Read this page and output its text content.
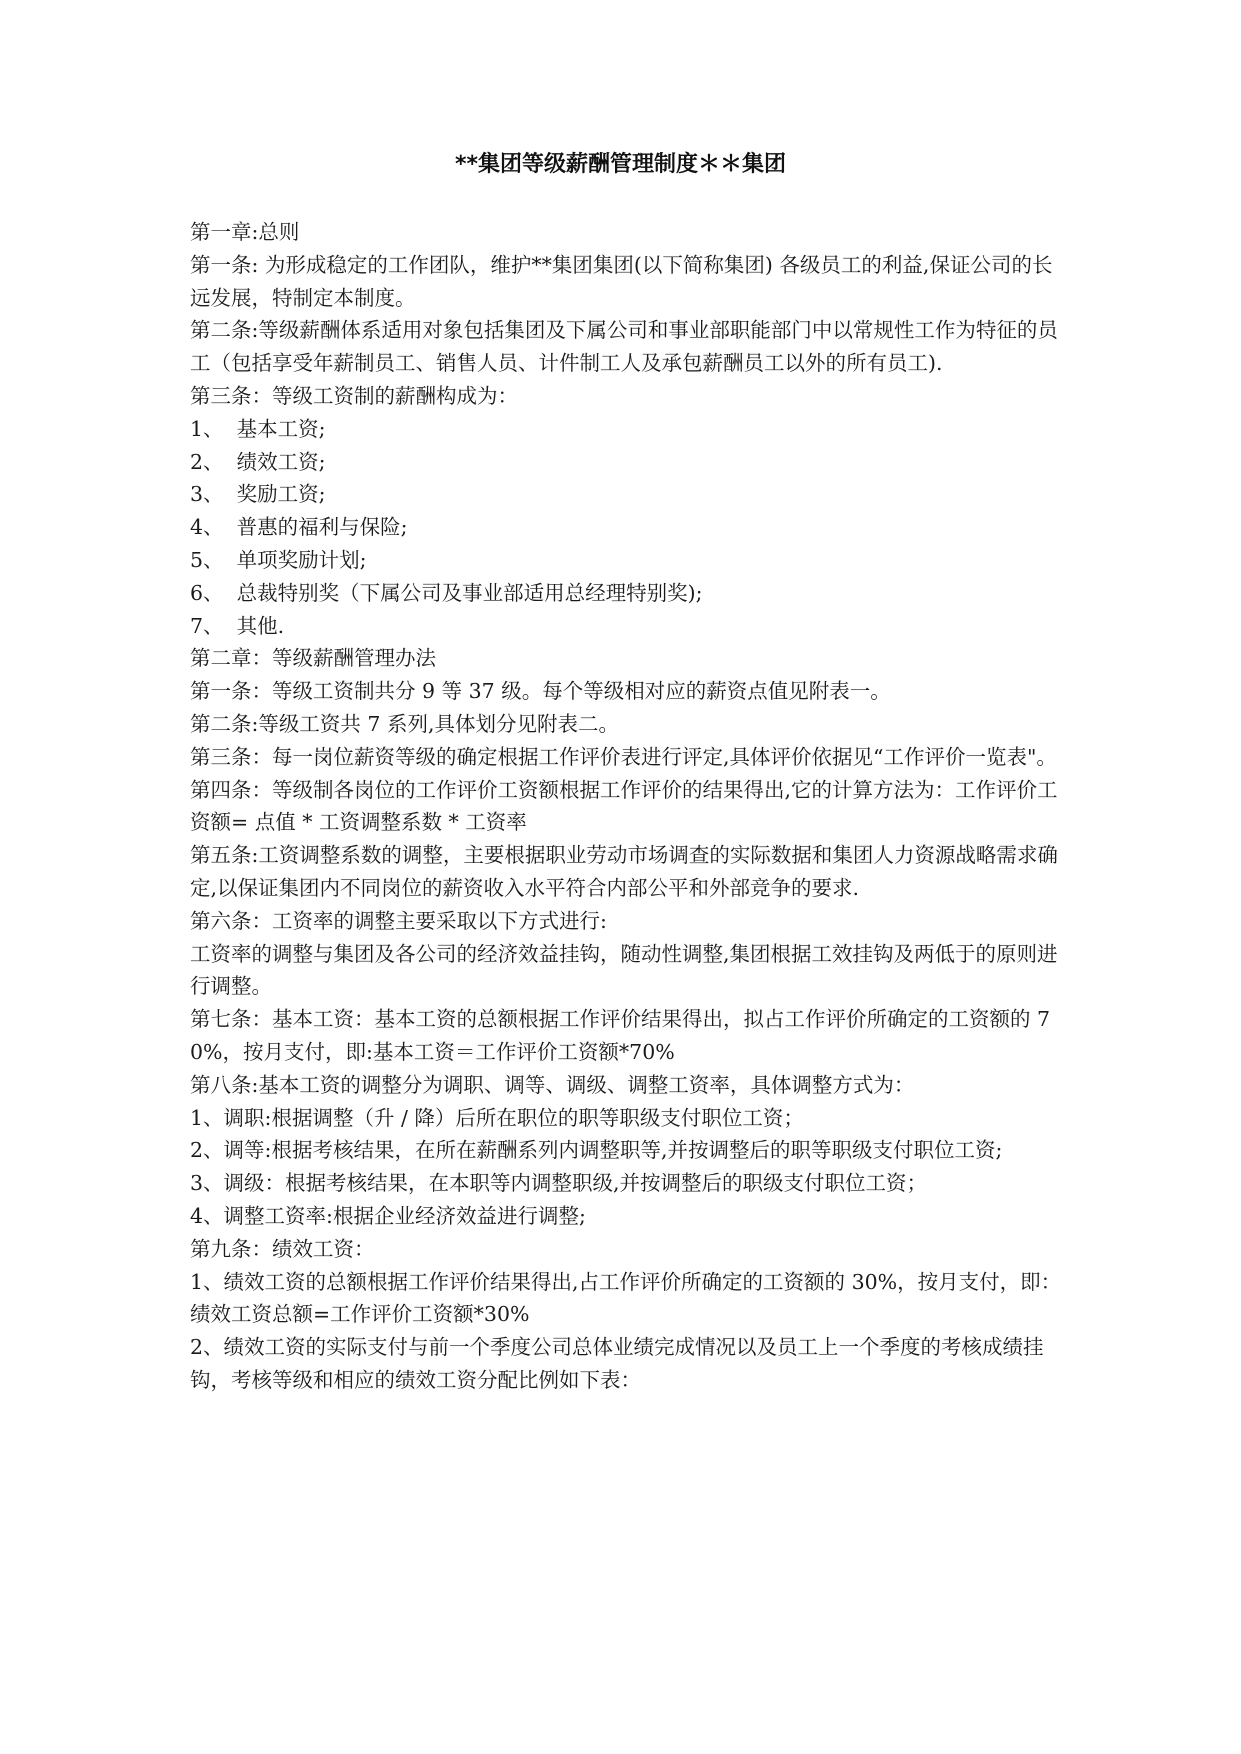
**集团等级薪酬管理制度＊＊集团

第一章:总则

第一条: 为形成稳定的工作团队，维护**集团集团(以下简称集团) 各级员工的利益,保证公司的长远发展，特制定本制度。

第二条:等级薪酬体系适用对象包括集团及下属公司和事业部职能部门中以常规性工作为特征的员工（包括享受年薪制员工、销售人员、计件制工人及承包薪酬员工以外的所有员工).

第三条：等级工资制的薪酬构成为：

1、  基本工资;

2、  绩效工资;

3、  奖励工资;

4、  普惠的福利与保险;

5、  单项奖励计划;

6、  总裁特别奖（下属公司及事业部适用总经理特别奖);

7、  其他.

第二章：等级薪酬管理办法

第一条：等级工资制共分 9 等 37 级。每个等级相对应的薪资点值见附表一。

第二条:等级工资共 7 系列,具体划分见附表二。

第三条：每一岗位薪资等级的确定根据工作评价表进行评定,具体评价依据见“工作评价一览表"。

第四条：等级制各岗位的工作评价工资额根据工作评价的结果得出,它的计算方法为：工作评价工资额= 点值 * 工资调整系数 * 工资率

第五条:工资调整系数的调整，主要根据职业劳动市场调查的实际数据和集团人力资源战略需求确定,以保证集团内不同岗位的薪资收入水平符合内部公平和外部竞争的要求.

第六条：工资率的调整主要采取以下方式进行:

工资率的调整与集团及各公司的经济效益挂钩，随动性调整,集团根据工效挂钩及两低于的原则进行调整。

第七条：基本工资：基本工资的总额根据工作评价结果得出，拟占工作评价所确定的工资额的 70%，按月支付，即:基本工资＝工作评价工资额*70%

第八条:基本工资的调整分为调职、调等、调级、调整工资率，具体调整方式为：

1、调职:根据调整（升 / 降）后所在职位的职等职级支付职位工资；

2、调等:根据考核结果，在所在薪酬系列内调整职等,并按调整后的职等职级支付职位工资;

3、调级：根据考核结果，在本职等内调整职级,并按调整后的职级支付职位工资；

4、调整工资率:根据企业经济效益进行调整;

第九条：绩效工资：

1、绩效工资的总额根据工作评价结果得出,占工作评价所确定的工资额的 30%，按月支付，即：绩效工资总额=工作评价工资额*30%

2、绩效工资的实际支付与前一个季度公司总体业绩完成情况以及员工上一个季度的考核成绩挂钩，考核等级和相应的绩效工资分配比例如下表：
